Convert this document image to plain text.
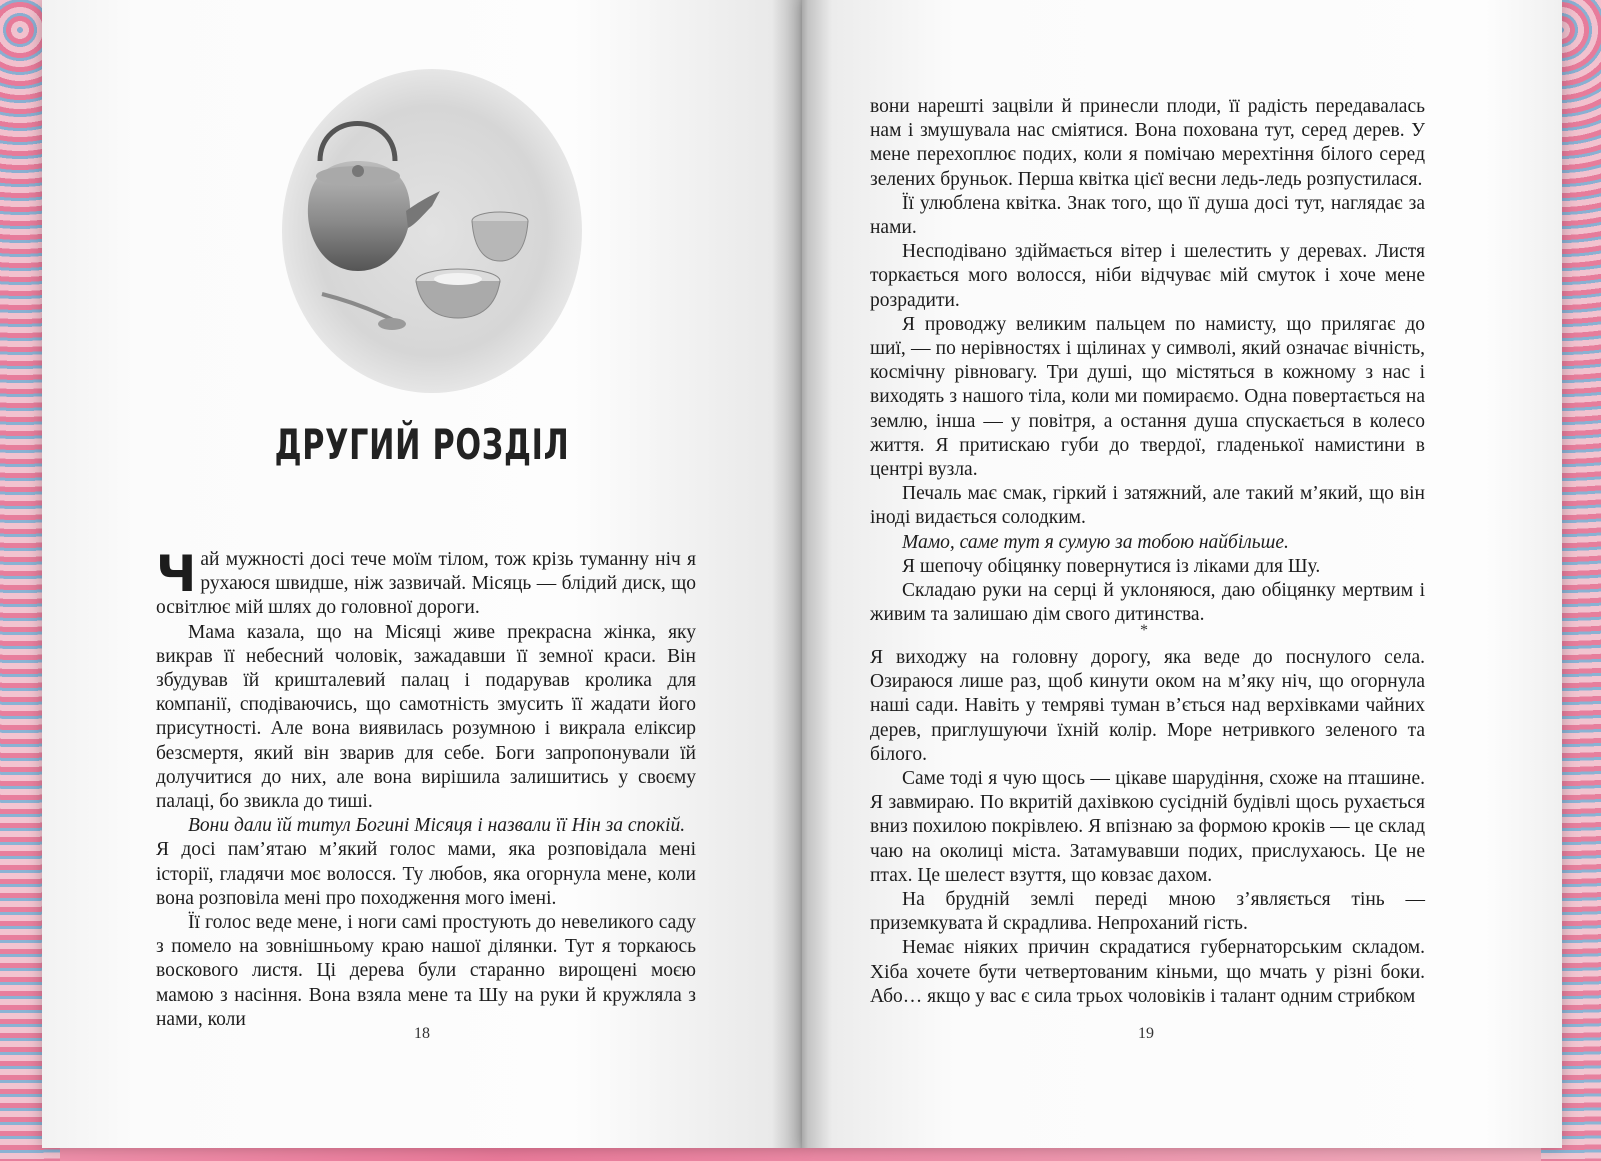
ДРУГИЙ РОЗДІЛ

Чай мужності досі тече моїм тілом, тож крізь туманну ніч я рухаюся швидше, ніж зазвичай. Місяць — блідий диск, що освітлює мій шлях до головної дороги.

Мама казала, що на Місяці живе прекрасна жінка, яку викрав її небесний чоловік, зажадавши її земної краси. Він збудував їй кришталевий палац і подарував кролика для компанії, сподіваючись, що самотність змусить її жадати його присутності. Але вона виявилась розумною і викрала еліксир безсмертя, який він зварив для себе. Боги запропонували їй долучитися до них, але вона вирішила залишитись у своєму палаці, бо звикла до тиші.

Вони дали їй титул Богині Місяця і назвали її Нін за спокій.

Я досі пам’ятаю м’який голос мами, яка розповідала мені історії, гладячи моє волосся. Ту любов, яка огорнула мене, коли вона розповіла мені про походження мого імені.

Її голос веде мене, і ноги самі простують до невеликого саду з помело на зовнішньому краю нашої ділянки. Тут я торкаюсь воскового листя. Ці дерева були старанно вирощені моєю мамою з насіння. Вона взяла мене та Шу на руки й кружляла з нами, коли

18

вони нарешті зацвіли й принесли плоди, її радість передавалась нам і змушувала нас сміятися. Вона похована тут, серед дерев. У мене перехоплює подих, коли я помічаю мерехтіння білого серед зелених бруньок. Перша квітка цієї весни ледь-ледь розпустилася.

Її улюблена квітка. Знак того, що її душа досі тут, наглядає за нами.

Несподівано здіймається вітер і шелестить у деревах. Листя торкається мого волосся, ніби відчуває мій смуток і хоче мене розрадити.

Я проводжу великим пальцем по намисту, що прилягає до шиї, — по нерівностях і щілинах у символі, який означає вічність, космічну рівновагу. Три душі, що містяться в кожному з нас і виходять з нашого тіла, коли ми помираємо. Одна повертається на землю, інша — у повітря, а остання душа спускається в колесо життя. Я притискаю губи до твердої, гладенької намистини в центрі вузла.

Печаль має смак, гіркий і затяжний, але такий м’який, що він іноді видається солодким.

Мамо, саме тут я сумую за тобою найбільше.

Я шепочу обіцянку повернутися із ліками для Шу.

Складаю руки на серці й уклоняюся, даю обіцянку мертвим і живим та залишаю дім свого дитинства.

*

Я виходжу на головну дорогу, яка веде до поснулого села. Озираюся лише раз, щоб кинути оком на м’яку ніч, що огорнула наші сади. Навіть у темряві туман в’ється над верхівками чайних дерев, приглушуючи їхній колір. Море нетривкого зеленого та білого.

Саме тоді я чую щось — цікаве шарудіння, схоже на пташине. Я завмираю. По вкритій дахівкою сусідній будівлі щось рухається вниз похилою покрівлею. Я впізнаю за формою кроків — це склад чаю на околиці міста. Затамувавши подих, прислухаюсь. Це не птах. Це шелест взуття, що ковзає дахом.

На брудній землі переді мною з’являється тінь — приземкувата й скрадлива. Непроханий гість.

Немає ніяких причин скрадатися губернаторським складом. Хіба хочете бути четвертованим кіньми, що мчать у різні боки. Або… якщо у вас є сила трьох чоловіків і талант одним стрибком

19
